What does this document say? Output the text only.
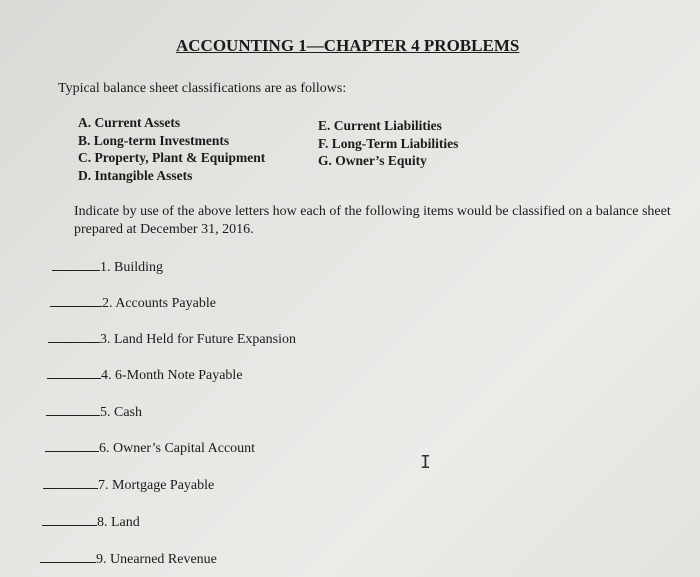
ACCOUNTING 1—CHAPTER 4 PROBLEMS
Typical balance sheet classifications are as follows:
A. Current Assets
B. Long-term Investments
C. Property, Plant & Equipment
D. Intangible Assets
E. Current Liabilities
F. Long-Term Liabilities
G. Owner’s Equity
Indicate by use of the above letters how each of the following items would be classified on a balance sheet prepared at December 31, 2016.
1. Building
2. Accounts Payable
3. Land Held for Future Expansion
4. 6-Month Note Payable
5. Cash
6. Owner’s Capital Account
7. Mortgage Payable
8. Land
9. Unearned Revenue
I
